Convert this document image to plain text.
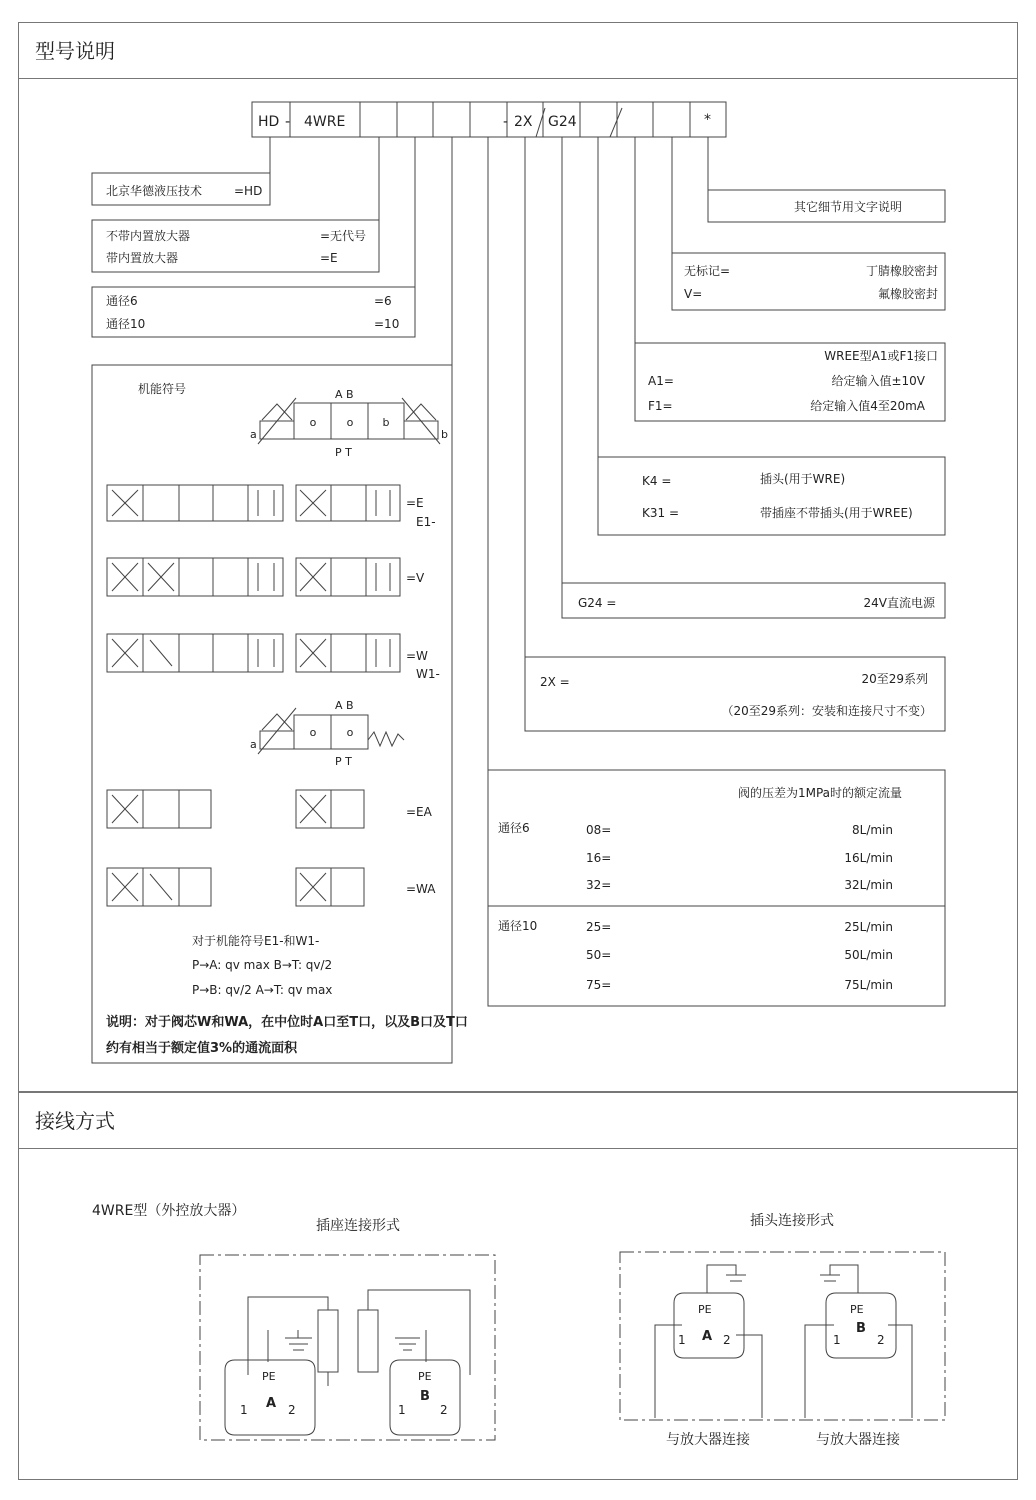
型号说明
接线方式
HD - 4WRE	- 2X G24	*
北京华德液压技术	=HD
不带内置放大器	=无代号
带内置放大器	=E
通径6	=6
通径10	=10
其它细节用文字说明
无标记=	丁腈橡胶密封
V=	氟橡胶密封
WREE型A1或F1接口
A1=	给定输入值±10V
F1=	给定输入值4至20mA
K4 =	插头(用于WRE)
K31 =	带插座不带插头(用于WREE)
G24 =	24V直流电源
2X =	20至29系列
（20至29系列：安装和连接尺寸不变）
阀的压差为1MPa时的额定流量
通径6	08=	8L/min
16=	16L/min
32=	32L/min
通径10	25=	25L/min
50=	50L/min
75=	75L/min
机能符号
o	o	b
a	b
A B
P T
=E
E1-
=V
=W
W1-
o	o
a
A B
P T
=EA
=WA
对于机能符号E1-和W1-
P→A: qv max B→T: qv/2
P→B: qv/2 A→T: qv max
说明：对于阀芯W和WA，在中位时A口至T口，以及B口及T口
约有相当于额定值3%的通流面积
4WRE型（外控放大器）
插座连接形式	插头连接形式
PE
A
1	2
PE
B
1	2
PE
A
1	2
PE
B
1	2
与放大器连接	与放大器连接
